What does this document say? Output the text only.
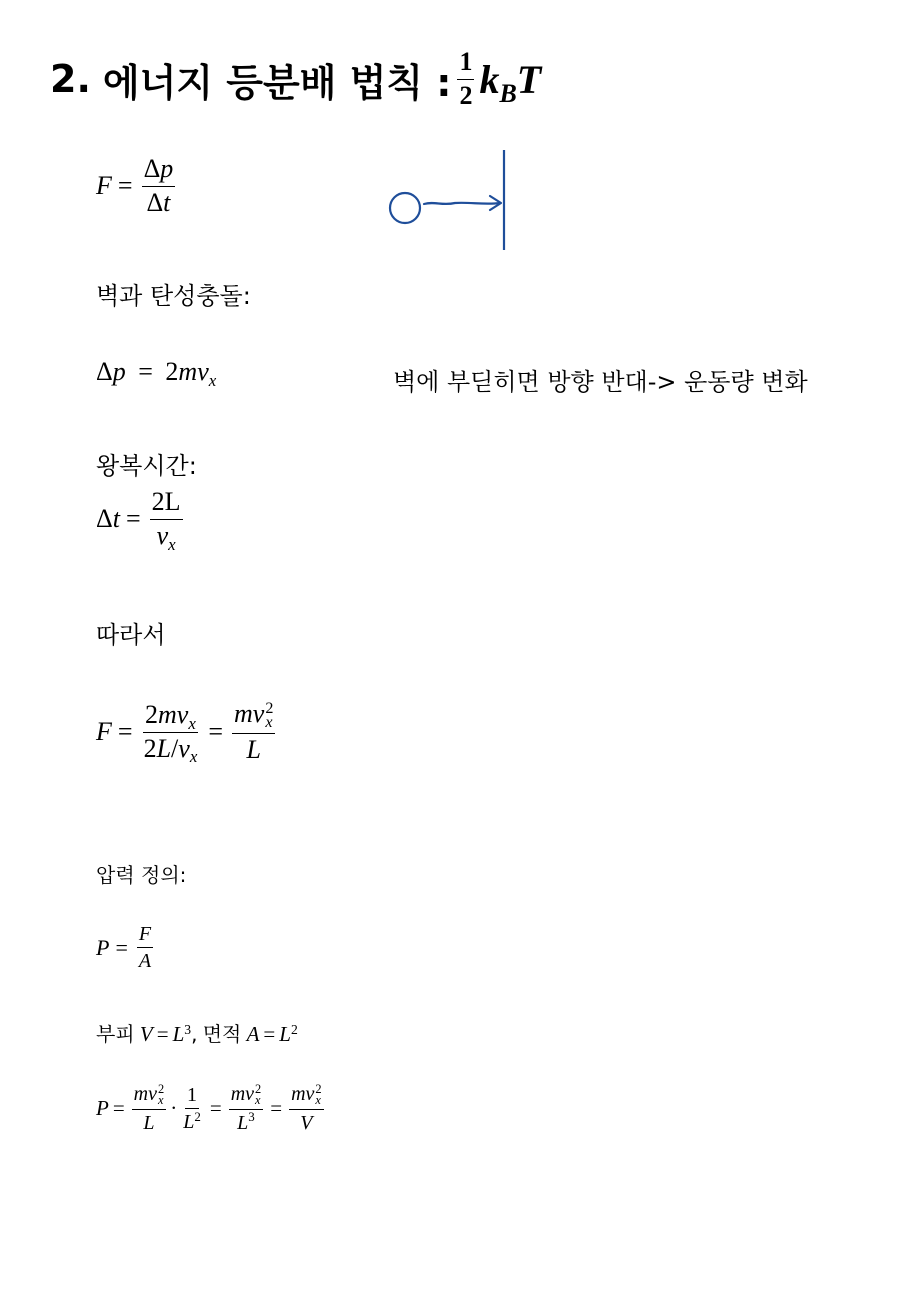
2. 에너지 등분배 법칙 : $\frac{1}{2} k_BT$
$F = \frac{\Delta p}{\Delta t}$
벽과 탄성충돌:
$\Delta p = 2mv_x$	벽에 부딛히면 방향 반대-> 운동량 변화
왕복시간:
Δ $t = \frac{2L}{v_x}$
따라서
$F = \frac{2mv_x}{2L/v_x}$ = mv 2
x
L
압력 정의:
$P = \frac{F}{A}$
부피 $V = L^3$, 면적 $A = L^2$
P = mv 2
x
$L \cdot \frac{1}{L^2}$ = mv 2
x
$L^3$ = mv 2
x
V
